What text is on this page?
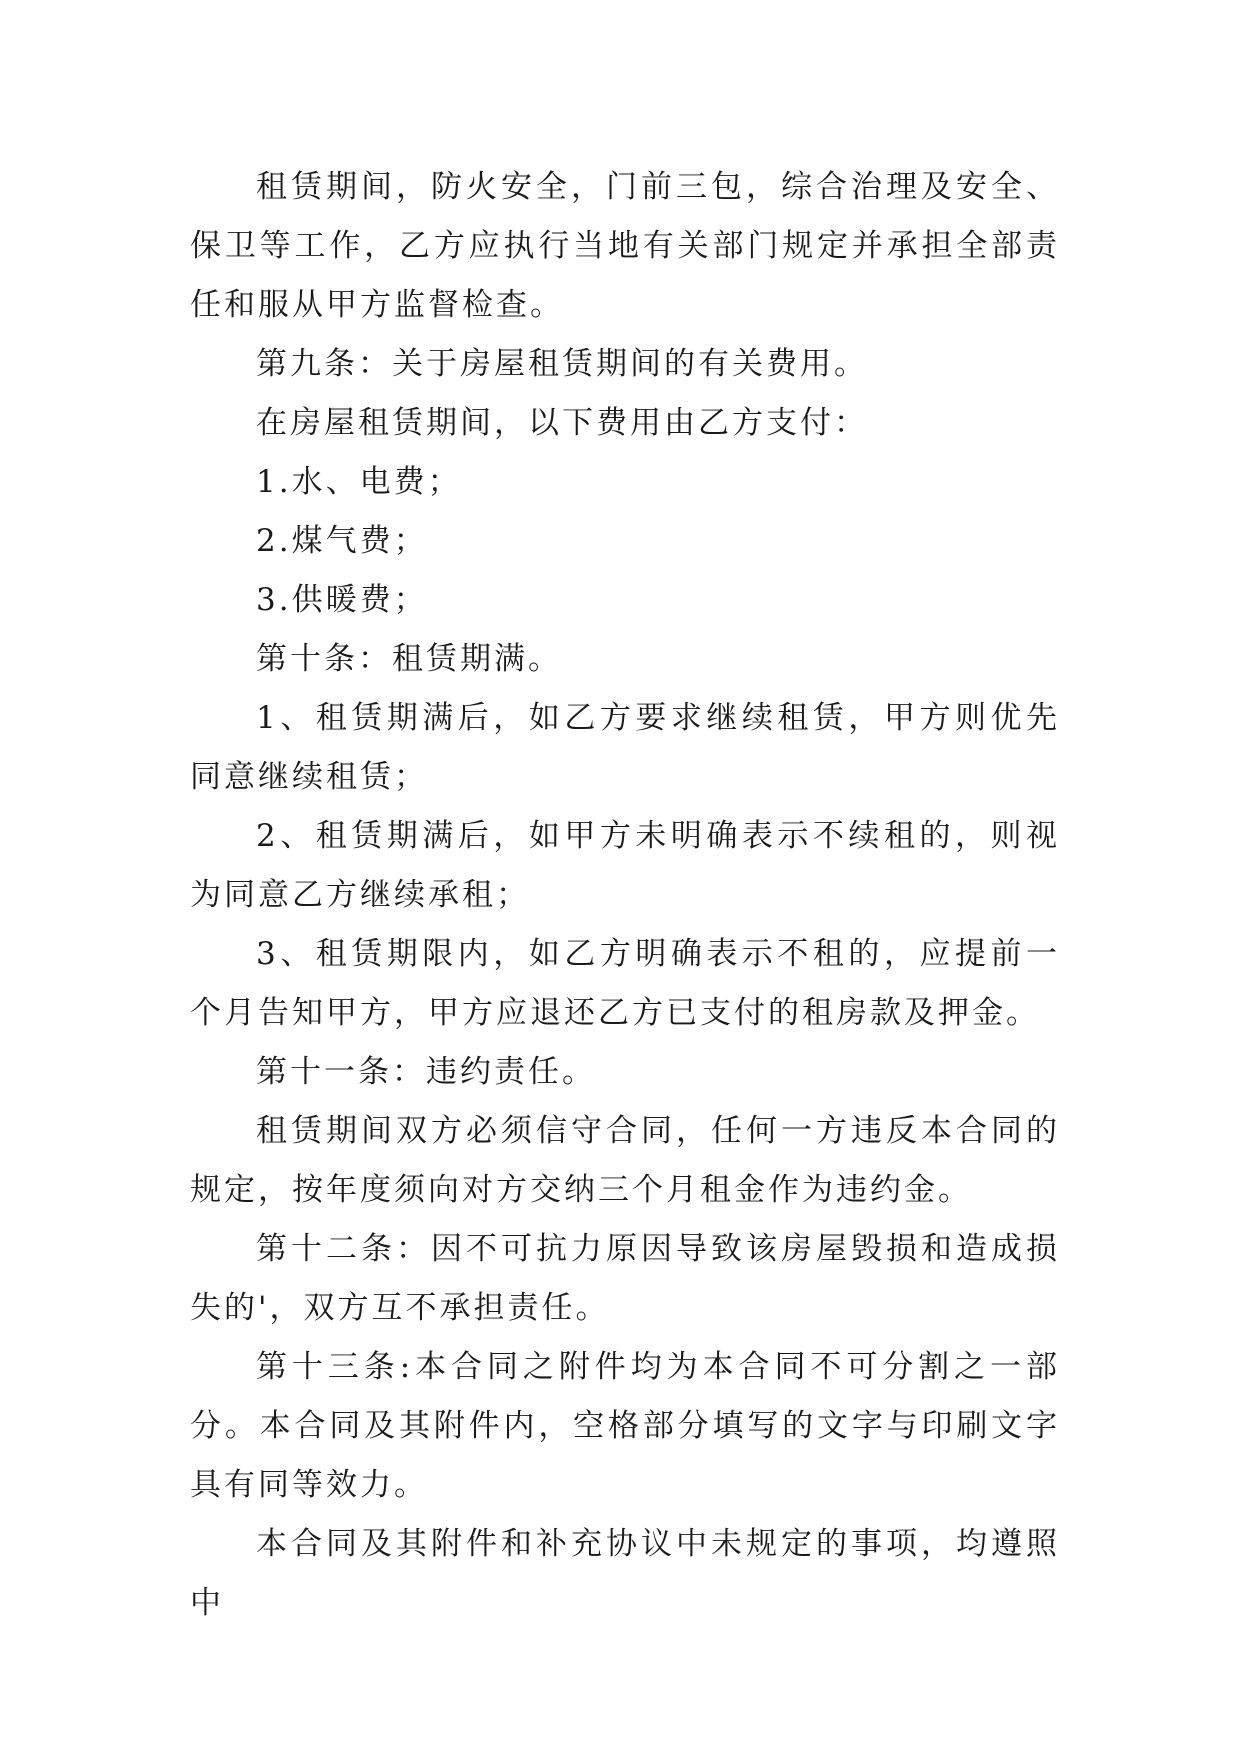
租赁期间，防火安全，门前三包，综合治理及安全、保卫等工作，乙方应执行当地有关部门规定并承担全部责任和服从甲方监督检查。

第九条：关于房屋租赁期间的有关费用。

在房屋租赁期间，以下费用由乙方支付：

1.水、电费；

2.煤气费；

3.供暖费；

第十条：租赁期满。

1、租赁期满后，如乙方要求继续租赁，甲方则优先同意继续租赁；

2、租赁期满后，如甲方未明确表示不续租的，则视为同意乙方继续承租；

3、租赁期限内，如乙方明确表示不租的，应提前一个月告知甲方，甲方应退还乙方已支付的租房款及押金。

第十一条：违约责任。

租赁期间双方必须信守合同，任何一方违反本合同的规定，按年度须向对方交纳三个月租金作为违约金。

第十二条：因不可抗力原因导致该房屋毁损和造成损失的'，双方互不承担责任。

第十三条:本合同之附件均为本合同不可分割之一部分。本合同及其附件内，空格部分填写的文字与印刷文字具有同等效力。

本合同及其附件和补充协议中未规定的事项，均遵照中
